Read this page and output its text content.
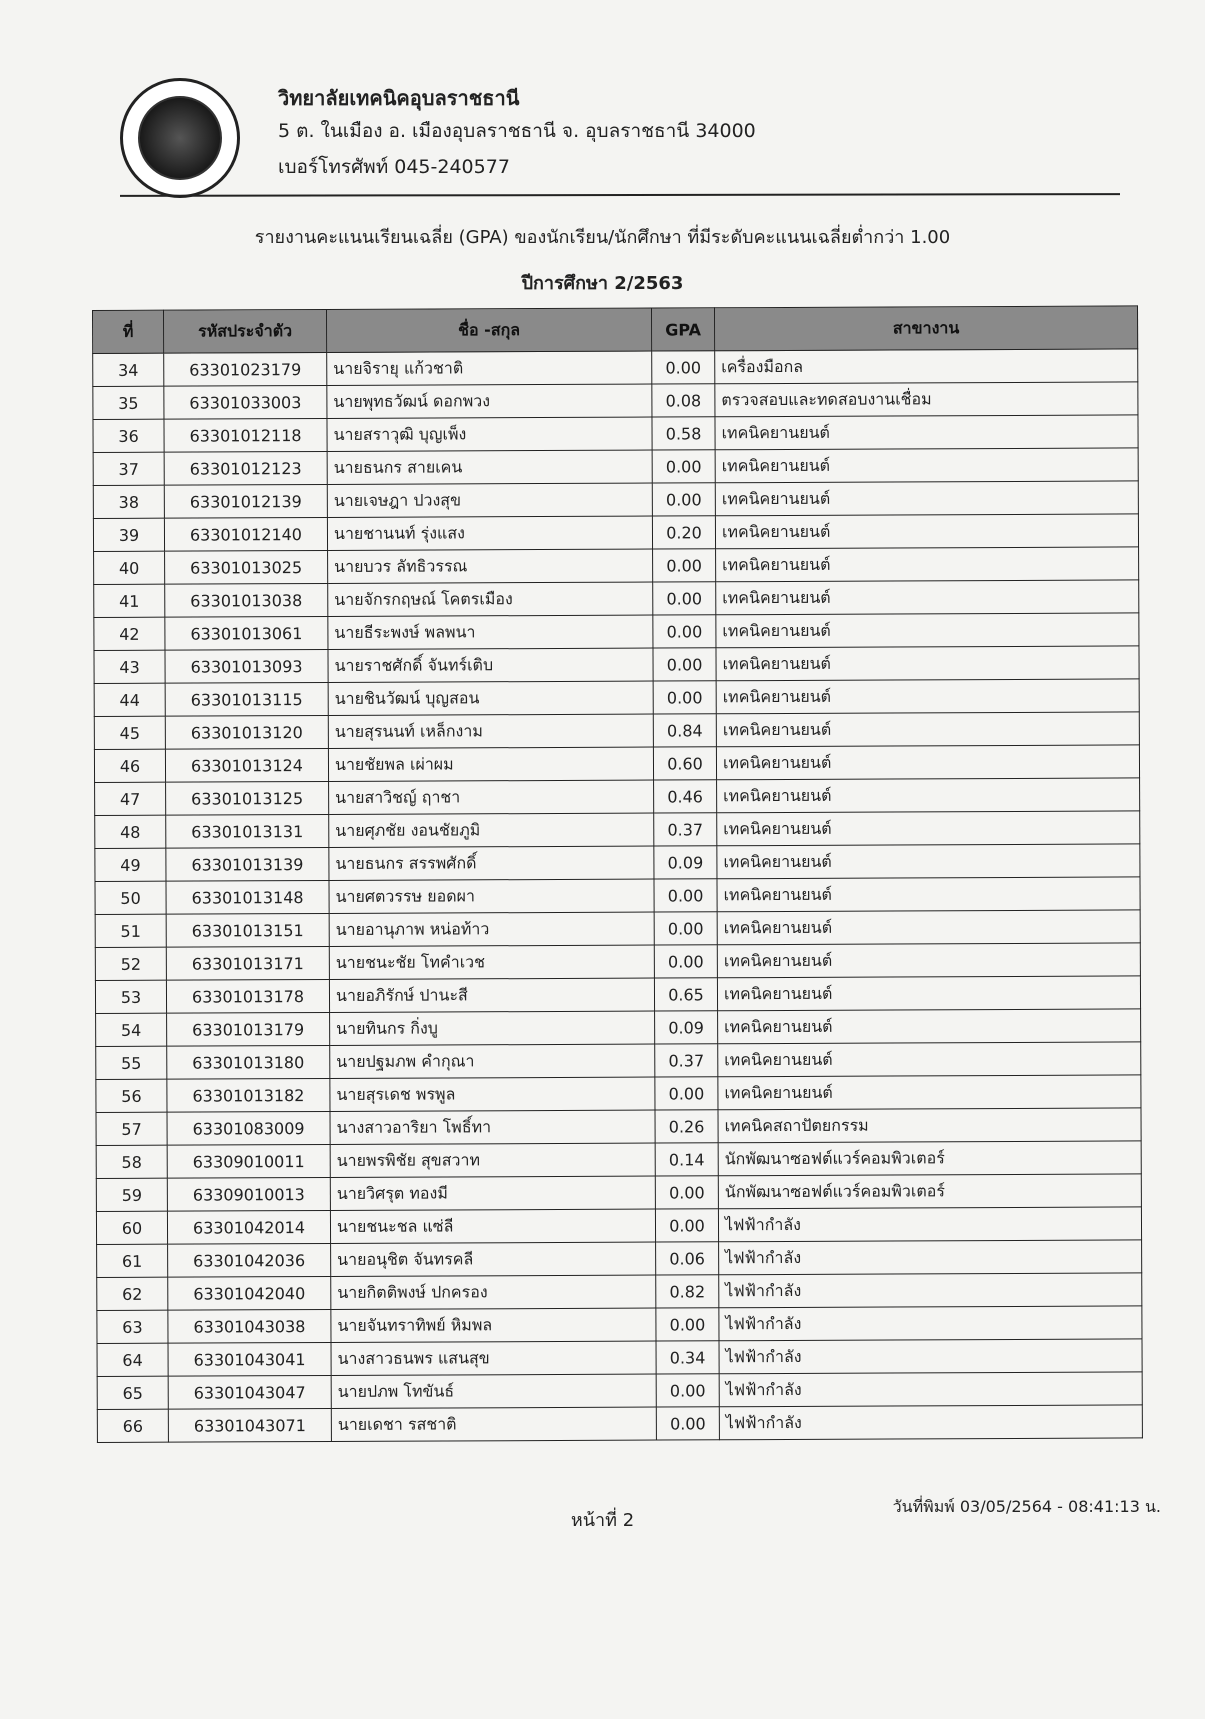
วิทยาลัยเทคนิคอุบลราชธานี
5 ต. ในเมือง อ. เมืองอุบลราชธานี จ. อุบลราชธานี 34000
เบอร์โทรศัพท์ 045-240577
รายงานคะแนนเรียนเฉลี่ย (GPA) ของนักเรียน/นักศึกษา ที่มีระดับคะแนนเฉลี่ยต่ำกว่า 1.00
ปีการศึกษา 2/2563
ที่	รหัสประจำตัว	ชื่อ -สกุล	GPA	สาขางาน
34	63301023179	นายจิรายุ แก้วชาติ	0.00	เครื่องมือกล
35	63301033003	นายพุทธวัฒน์ ดอกพวง	0.08	ตรวจสอบและทดสอบงานเชื่อม
36	63301012118	นายสราวุฒิ บุญเพ็ง	0.58	เทคนิคยานยนต์
37	63301012123	นายธนกร สายเคน	0.00	เทคนิคยานยนต์
38	63301012139	นายเจษฎา ปวงสุข	0.00	เทคนิคยานยนต์
39	63301012140	นายชานนท์ รุ่งแสง	0.20	เทคนิคยานยนต์
40	63301013025	นายบวร ลัทธิวรรณ	0.00	เทคนิคยานยนต์
41	63301013038	นายจักรกฤษณ์ โคตรเมือง	0.00	เทคนิคยานยนต์
42	63301013061	นายธีระพงษ์ พลพนา	0.00	เทคนิคยานยนต์
43	63301013093	นายราชศักดิ์ จันทร์เติบ	0.00	เทคนิคยานยนต์
44	63301013115	นายชินวัฒน์ บุญสอน	0.00	เทคนิคยานยนต์
45	63301013120	นายสุรนนท์ เหล็กงาม	0.84	เทคนิคยานยนต์
46	63301013124	นายชัยพล เผ่าผม	0.60	เทคนิคยานยนต์
47	63301013125	นายสาวิชญ์ ฤาชา	0.46	เทคนิคยานยนต์
48	63301013131	นายศุภชัย งอนชัยภูมิ	0.37	เทคนิคยานยนต์
49	63301013139	นายธนกร สรรพศักดิ์	0.09	เทคนิคยานยนต์
50	63301013148	นายศตวรรษ ยอดผา	0.00	เทคนิคยานยนต์
51	63301013151	นายอานุภาพ หน่อท้าว	0.00	เทคนิคยานยนต์
52	63301013171	นายชนะชัย โทคำเวช	0.00	เทคนิคยานยนต์
53	63301013178	นายอภิรักษ์ ปานะสี	0.65	เทคนิคยานยนต์
54	63301013179	นายทินกร กิ่งบู	0.09	เทคนิคยานยนต์
55	63301013180	นายปฐมภพ คำกุณา	0.37	เทคนิคยานยนต์
56	63301013182	นายสุรเดช พรพูล	0.00	เทคนิคยานยนต์
57	63301083009	นางสาวอาริยา โพธิ์ทา	0.26	เทคนิคสถาปัตยกรรม
58	63309010011	นายพรพิชัย สุขสวาท	0.14	นักพัฒนาซอฟต์แวร์คอมพิวเตอร์
59	63309010013	นายวิศรุต ทองมี	0.00	นักพัฒนาซอฟต์แวร์คอมพิวเตอร์
60	63301042014	นายชนะชล แซ่ลี	0.00	ไฟฟ้ากำลัง
61	63301042036	นายอนุชิต จันทรคลี	0.06	ไฟฟ้ากำลัง
62	63301042040	นายกิตติพงษ์ ปกครอง	0.82	ไฟฟ้ากำลัง
63	63301043038	นายจันทราทิพย์ หิมพล	0.00	ไฟฟ้ากำลัง
64	63301043041	นางสาวธนพร แสนสุข	0.34	ไฟฟ้ากำลัง
65	63301043047	นายปภพ โทขันธ์	0.00	ไฟฟ้ากำลัง
66	63301043071	นายเดชา รสชาติ	0.00	ไฟฟ้ากำลัง
หน้าที่ 2
วันที่พิมพ์ 03/05/2564 - 08:41:13 น.
